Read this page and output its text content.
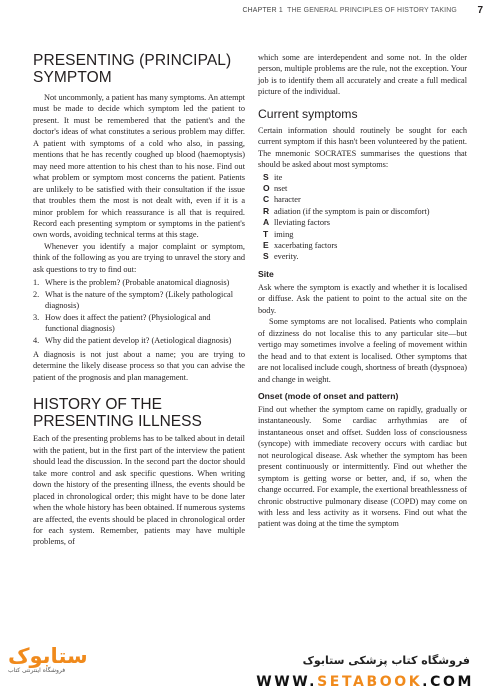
CHAPTER 1 THE GENERAL PRINCIPLES OF HISTORY TAKING 7
PRESENTING (PRINCIPAL)
SYMPTOM

Not uncommonly, a patient has many symptoms. An attempt must be made to decide which symptom led the patient to present. It must be remembered that the patient's and the doctor's ideas of what constitutes a serious problem may differ. A patient with symptoms of a cold who also, in passing, mentions that he has recently coughed up blood (haemoptysis) may need more attention to his chest than to his nose. Find out what problem or symptom most concerns the patient. Patients are unlikely to be satisfied with their consultation if the issue that troubles them the most is not dealt with, even if it is a minor problem for which reassurance is all that is required. Record each presenting symptom or symptoms in the patient's own words, avoiding technical terms at this stage.

Whenever you identify a major complaint or symptom, think of the following as you are trying to unravel the story and ask questions to try to find out:

1. Where is the problem? (Probable anatomical diagnosis)
2. What is the nature of the symptom? (Likely pathological diagnosis)
3. How does it affect the patient? (Physiological and functional diagnosis)
4. Why did the patient develop it? (Aetiological diagnosis)

A diagnosis is not just about a name; you are trying to determine the likely disease process so that you can advise the patient of the prognosis and plan management.

HISTORY OF THE
PRESENTING ILLNESS

Each of the presenting problems has to be talked about in detail with the patient, but in the first part of the interview the patient should lead the discussion. In the second part the doctor should take more control and ask specific questions. When writing down the history of the presenting illness, the events should be placed in chronological order; this might have to be done later when the whole history has been obtained. If numerous systems are affected, the events should be placed in chronological order for each system. Remember, patients may have multiple problems, of

which some are interdependent and some not. In the older person, multiple problems are the rule, not the exception. Your job is to identify them all accurately and create a full medical picture of the individual.

Current symptoms

Certain information should routinely be sought for each current symptom if this hasn't been volunteered by the patient. The mnemonic SOCRATES summarises the questions that should be asked about most symptoms:

S ite
O nset
C haracter
R adiation (if the symptom is pain or discomfort)
A lleviating factors
T iming
E xacerbating factors
S everity.
Site

Ask where the symptom is exactly and whether it is localised or diffuse. Ask the patient to point to the actual site on the body.

Some symptoms are not localised. Patients who complain of dizziness do not localise this to any particular site—but vertigo may sometimes involve a feeling of movement within the head and to that extent is localised. Other symptoms that are not localised include cough, shortness of breath (dyspnoea) and change in weight.

Onset (mode of onset and pattern)

Find out whether the symptom came on rapidly, gradually or instantaneously. Some cardiac arrhythmias are of instantaneous onset and offset. Sudden loss of consciousness (syncope) with immediate recovery occurs with cardiac but not neurological disease. Ask whether the symptom has been present continuously or intermittently. Find out whether the symptom is getting worse or better, and, if so, when the change occurred. For example, the exertional breathlessness of chronic obstructive pulmonary disease (COPD) may come on with less and less activity as it worsens. Find out what the patient was doing at the time the symptom

ستابوک
فروشگاه اینترنتی کتاب
فروشگاه کتاب پزشکی ستابوک
WWW.SETABOOK.COM
